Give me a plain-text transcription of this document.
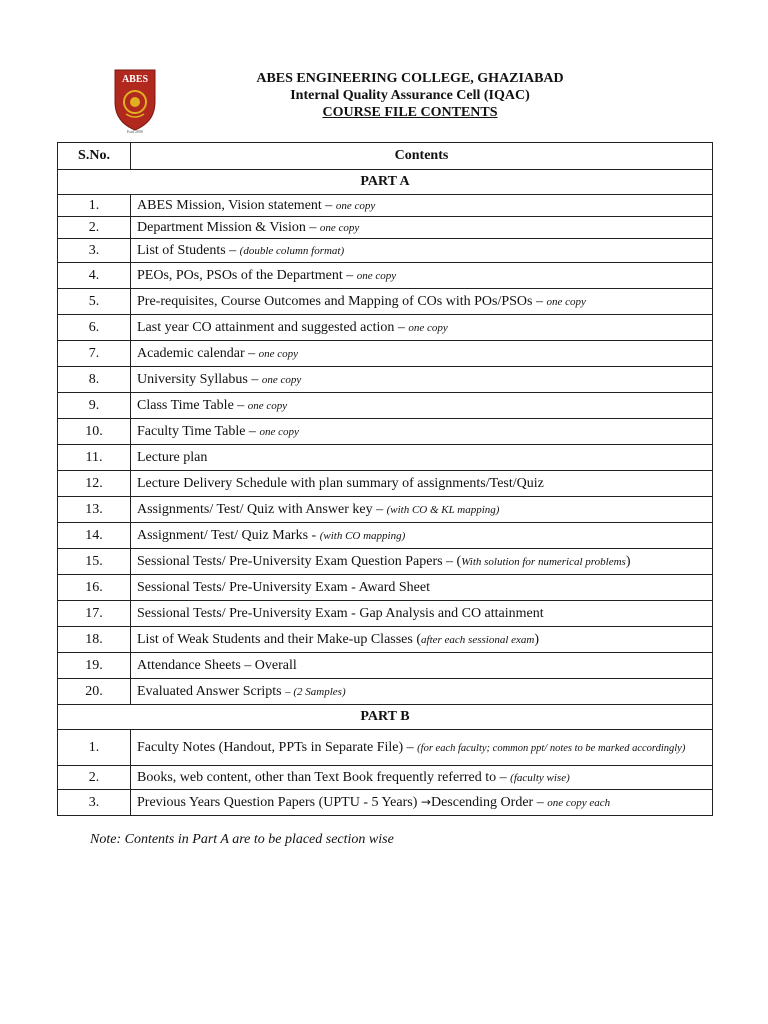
ABES
Estd 2000
ABES ENGINEERING COLLEGE, GHAZIABAD
Internal Quality Assurance Cell (IQAC)
COURSE FILE CONTENTS
S.No.	Contents
PART A	
1.	ABES Mission, Vision statement – one copy
2.	Department Mission & Vision – one copy
3.	List of Students – (double column format)
4.	PEOs, POs, PSOs of the Department – one copy
5.	Pre-requisites, Course Outcomes and Mapping of COs with POs/PSOs – one copy
6.	Last year CO attainment and suggested action – one copy
7.	Academic calendar – one copy
8.	University Syllabus – one copy
9.	Class Time Table – one copy
10.	Faculty Time Table – one copy
11.	Lecture plan
12.	Lecture Delivery Schedule with plan summary of assignments/Test/Quiz
13.	Assignments/ Test/ Quiz with Answer key – (with CO & KL mapping)
14.	Assignment/ Test/ Quiz Marks - (with CO mapping)
15.	Sessional Tests/ Pre-University Exam Question Papers – (With solution for numerical problems)
16.	Sessional Tests/ Pre-University Exam - Award Sheet
17.	Sessional Tests/ Pre-University Exam - Gap Analysis and CO attainment
18.	List of Weak Students and their Make-up Classes (after each sessional exam)
19.	Attendance Sheets – Overall
20.	Evaluated Answer Scripts – (2 Samples)
PART B	
1.	Faculty Notes (Handout, PPTs in Separate File) – (for each faculty; common ppt/ notes to be marked accordingly)
2.	Books, web content, other than Text Book frequently referred to – (faculty wise)
3.	Previous Years Question Papers (UPTU - 5 Years) →Descending Order – one copy each
Note: Contents in Part A are to be placed section wise
